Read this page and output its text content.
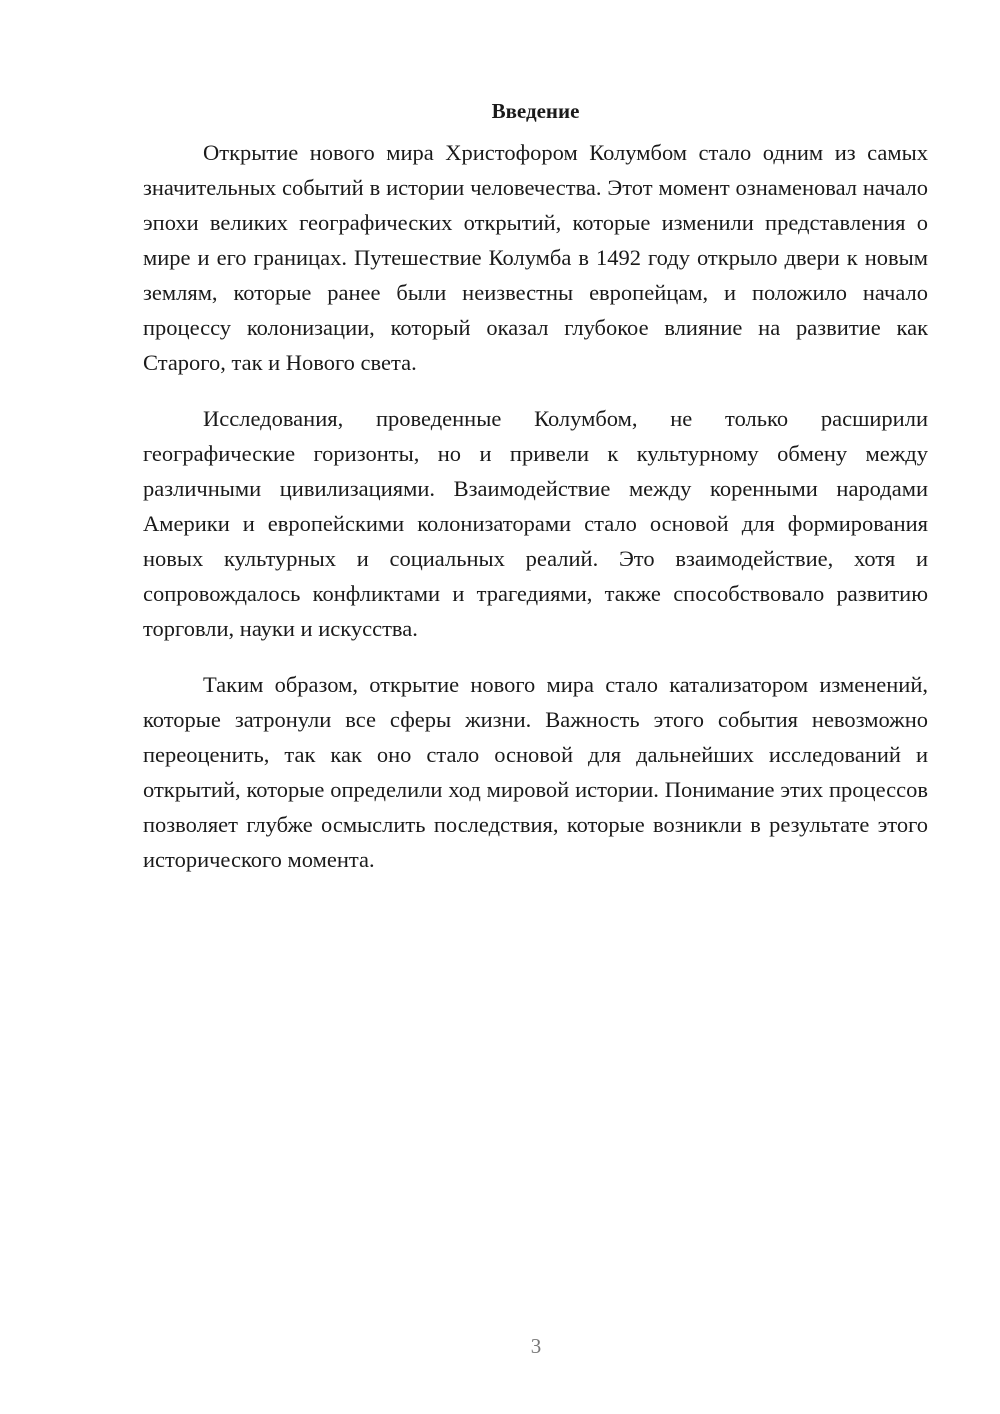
Введение

Открытие нового мира Христофором Колумбом стало одним из самых значительных событий в истории человечества. Этот момент ознаменовал начало эпохи великих географических открытий, которые изменили представления о мире и его границах. Путешествие Колумба в 1492 году открыло двери к новым землям, которые ранее были неизвестны европейцам, и положило начало процессу колонизации, который оказал глубокое влияние на развитие как Старого, так и Нового света.

Исследования, проведенные Колумбом, не только расширили географические горизонты, но и привели к культурному обмену между различными цивилизациями. Взаимодействие между коренными народами Америки и европейскими колонизаторами стало основой для формирования новых культурных и социальных реалий. Это взаимодействие, хотя и сопровождалось конфликтами и трагедиями, также способствовало развитию торговли, науки и искусства.

Таким образом, открытие нового мира стало катализатором изменений, которые затронули все сферы жизни. Важность этого события невозможно переоценить, так как оно стало основой для дальнейших исследований и открытий, которые определили ход мировой истории. Понимание этих процессов позволяет глубже осмыслить последствия, которые возникли в результате этого исторического момента.

3
